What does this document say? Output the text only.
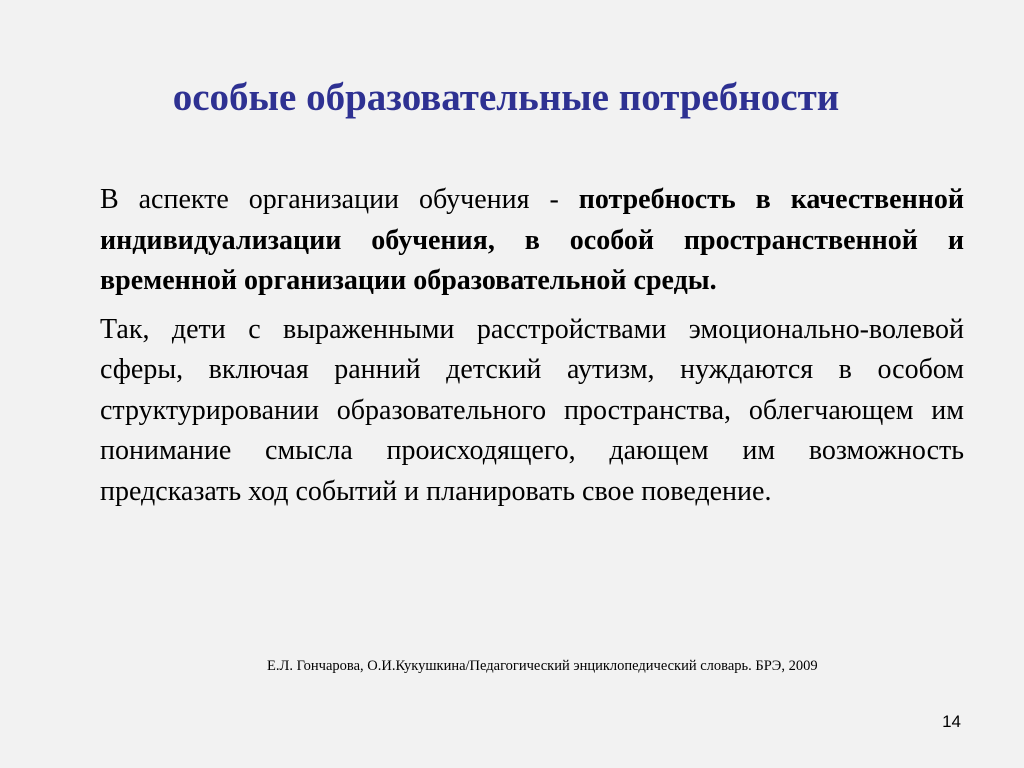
особые образовательные потребности

В аспекте организации обучения - потребность в качественной индивидуализации обучения, в особой пространственной и временной организации образовательной среды.

Так, дети с выраженными расстройствами эмоционально-волевой сферы, включая ранний детский аутизм, нуждаются в особом структурировании образовательного пространства, облегчающем им понимание смысла происходящего, дающем им возможность предсказать ход событий и планировать свое поведение.

Е.Л. Гончарова, О.И.Кукушкина/Педагогический энциклопедический словарь. БРЭ, 2009
14
